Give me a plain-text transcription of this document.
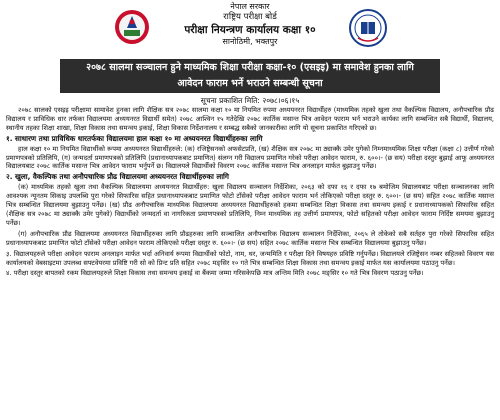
नेपाल सरकार
राष्ट्रिय परीक्षा बोर्ड
परीक्षा नियन्त्रण कार्यालय कक्षा १०
सानोठिमी, भक्तपुर
२०७८ सालमा सञ्चालन हुने माध्यमिक शिक्षा परीक्षा कक्षा-१० (एसइइ) मा समावेश हुनका लागि
आवेदन फाराम भर्ने भराउने सम्बन्धी सूचना
सूचना प्रकाशित मिति: २०७८।०६।१५

२०७८ सालको एसइइ परीक्षामा सामावेश हुनका लागि शैक्षिक सत्र २०७८ सालमा कक्षा १० मा नियमित रुपमा अध्ययनरत विद्यार्थीहरु (माध्यमिक तहको खुला तथा वैकल्पिक विद्यालय, अनौपचारिक प्रौढ विद्यालय र प्राविधिक धार तर्फका विद्यालयमा अध्ययनरत विद्यार्थी समेत) २०७८ आश्विन १५ गतेदेखि २०७८ कार्तिक मसान्त भित्र आवेदन फाराम भर्न भराउने कार्यका लागि सम्बन्धित सबै विद्यार्थी, विद्यालय, स्थानीय तहका शिक्षा शाखा, शिक्षा विकास तथा समन्वय इकाई, शिक्षा विकास निर्देशनालय र सम्बद्ध सबैको जानकारीका लागि यो सूचना प्रकाशित गरिएको छ।

१. साधारण तथा प्राविधिक धारतर्फका विद्यालयमा हाल कक्षा १० मा अध्ययनरत विद्यार्थीहरुका लागि

हाल कक्षा १० मा नियमित विद्यार्थीको रूपमा अध्ययनरत विद्यार्थीहरुले: (क) रजिष्ट्रेसनको अफसेटप्रति, (ख) शैक्षिक सत्र २०७८ मा ठ्याक्कै उमेर पुगेको निम्नमाध्यमिक शिक्षा परीक्षा (कक्षा ८) उत्तीर्ण गरेको प्रमाणपत्रको प्रतिलिपि, (ग) जन्मदर्ता प्रमाणपत्रको प्रतिलिपि (प्रधानाध्यापकबाट प्रमाणित) संलग्न गरी विद्यालय प्रमाणित गरेको परीक्षा आवेदन फाराम, रु. ६००।- (छ सय) परीक्षा दस्तुर बुझाई आफू अध्ययनरत विद्यालयबाट २०७८ कार्तिक मसान्त भित्र आवेदन फाराम भर्नुपर्ने छ। विद्यालयले विद्यार्थीको विवरण २०७८ कार्तिक मसान्त भित्र अनलाइन मार्फत बुझाउनु पर्नेछ।

२. खुला, वैकल्पिक तथा अनौपचारिक प्रौढ विद्यालयमा अध्ययनरत विद्यार्थीहरुका लागि

(क) माध्यमिक तहको खुला तथा वैकल्पिक विद्यालयमा अध्ययनरत विद्यार्थीहरु: खुला विद्यालय सञ्चालन निर्देशिका, २०६३ को दफा १६ र दफा १७ बमोजिम विद्यालयबाट परीक्षा सञ्चालनका लागि आवश्यक न्यूनतम सिकाइ उपलब्धि पुरा गरेको सिफारिस सहित प्रधानाध्यापकबाट प्रमाणित फोटो टाँसेको परीक्षा आवेदन फाराम भर्न तोकिएको परीक्षा दस्तुर रु. ६००।- (छ सय) सहित २०७८ कार्तिक मसान्त भित्र सम्बन्धित विद्यालयमा बुझाउनु पर्नेछ। (ख) प्रौढ अनौपचारिक माध्यमिक विद्यालयमा अध्ययनरत विद्यार्थीहरुको हकमा सम्बन्धित शिक्षा विकास तथा समन्वय इकाई र प्रधानाध्यापकको सिफारिस सहित (शैक्षिक सत्र २०७८ मा ठ्याक्कै उमेर पुगेको) विद्यार्थीको जन्मदर्ता वा नागरिकता प्रमाणपत्रको प्रतिलिपि, निम्न माध्यमिक तह उत्तीर्ण प्रमाणपत्र, फोटो सहितको परीक्षा आवेदन फाराम निर्दिष्ट समयमा बुझाउनु पर्नेछ।

(ग) अनौपचारिक प्रौढ विद्यालयमा अध्ययनरत विद्यार्थीहरुका लागि प्रौढहरुका लागि सञ्चालित अनौपचारिक विद्यालय सञ्चालन निर्देशिका, २०६५ ले तोकेको सबै सर्तहरु पुरा गरेको सिफारिस सहित प्रधानाध्यापकबाट प्रमाणित फोटो टाँसेको परीक्षा आवेदन फाराम तोकिएको परीक्षा दस्तुर रु. ६००।- (छ सय) सहित २०७८ कार्तिक मसान्त भित्र सम्बन्धित विद्यालयमा बुझाउनु पर्नेछ।

३. विद्यालयहरुले परीक्षा आवेदन फाराम अनलाइन मार्फत भर्दा अनिवार्य रूपमा विद्यार्थीको फोटो, नाम, थर, जन्ममिति र परीक्षा दिने विषयहरु प्रविष्टि गर्नुपर्नेछ। विद्यालयले रजिष्ट्रेसन नम्बर सहितको विवरण यस कार्यालयको वेबसाइटमा उपलब्ध सफ्टवेयरमा प्रविष्टि गरी सो को प्रिन्ट प्रति सहित २०७८ मङ्सिर १० गते भित्र सम्बन्धित शिक्षा विकास तथा समन्वय इकाई मार्फत यस कार्यालयमा पठाउनु पर्नेछ।

४. परीक्षा दस्तुर बापतको रकम विद्यालयहरुले शिक्षा विकास तथा समन्वय इकाई वा बैंकमा जम्मा गरिसकेपछि मात्र अन्तिम मिति २०७८ मङ्सिर १० गते भित्र विवरण पठाउनु पर्नेछ।
